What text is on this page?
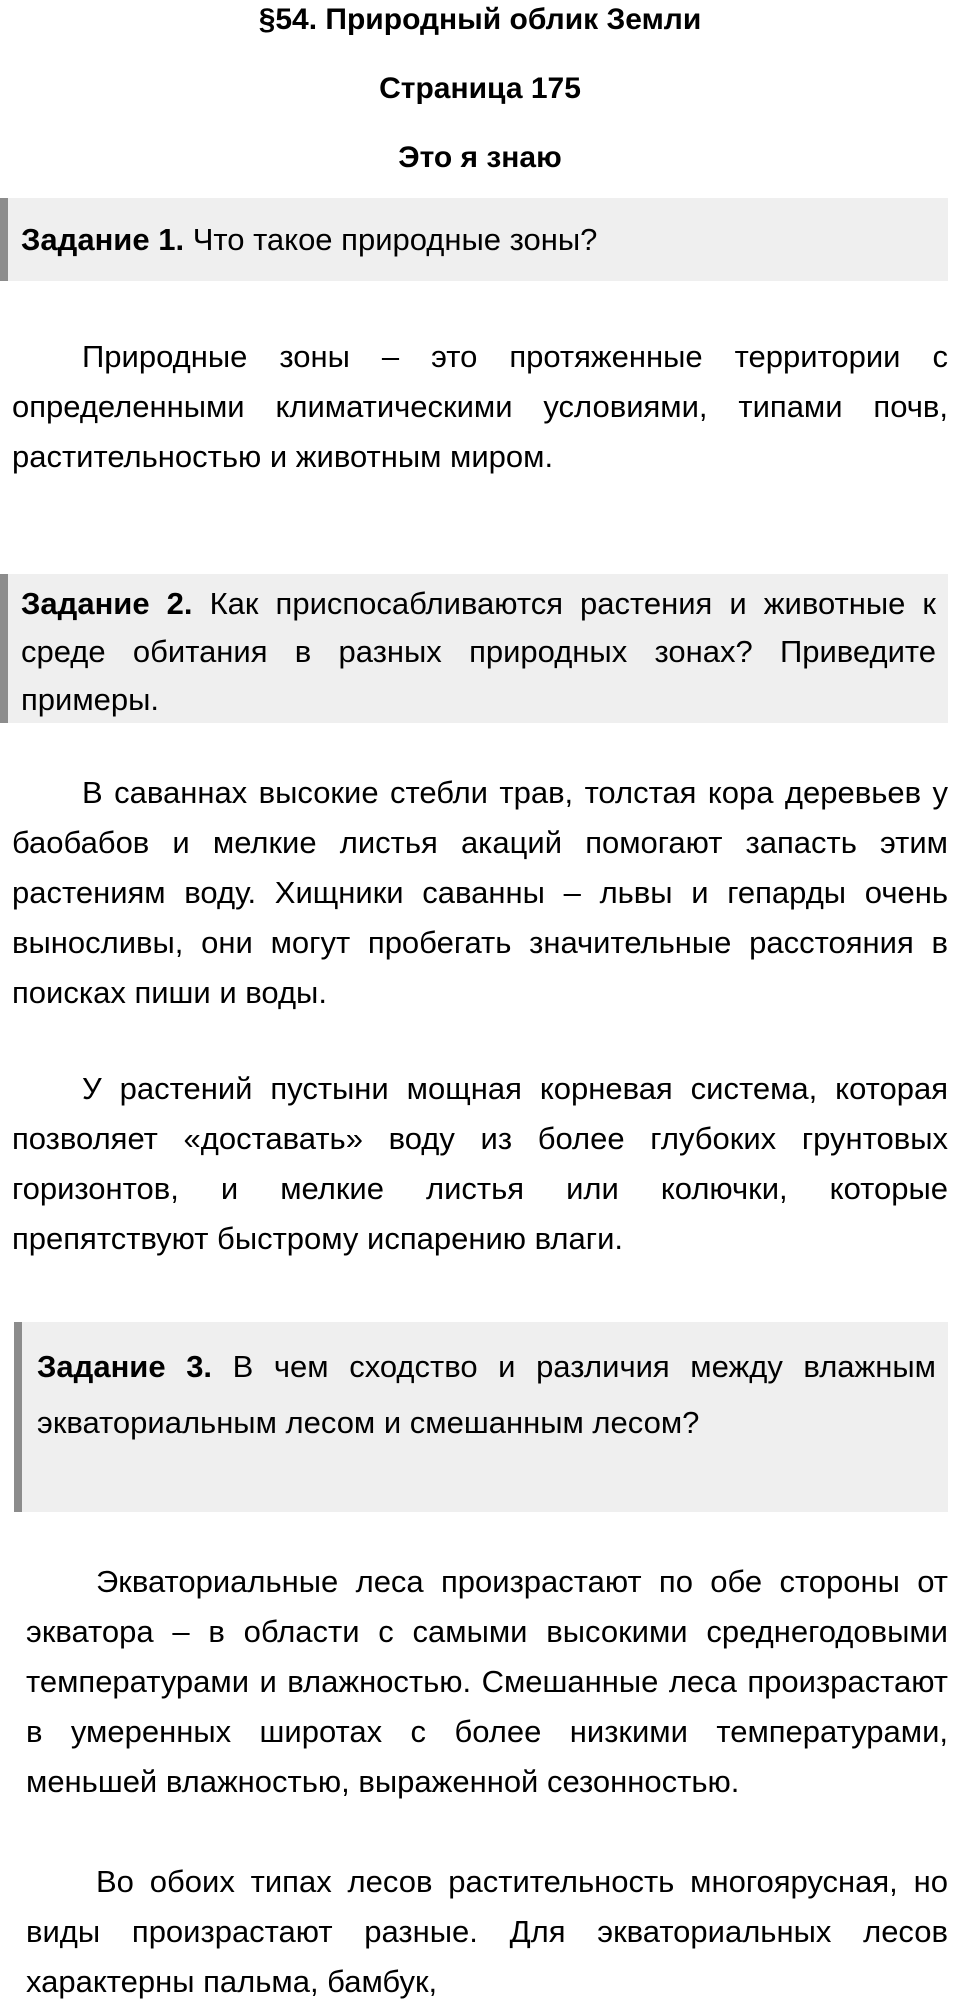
§54. Природный облик Земли
Страница 175
Это я знаю
Задание 1. Что такое природные зоны?

Природные зоны – это протяженные территории с определенными климатическими условиями, типами почв, растительностью и животным миром.

Задание 2. Как приспосабливаются растения и животные к среде обитания в разных природных зонах? Приведите примеры.

В саваннах высокие стебли трав, толстая кора деревьев у баобабов и мелкие листья акаций помогают запасть этим растениям воду. Хищники саванны – львы и гепарды очень выносливы, они могут пробегать значительные расстояния в поисках пиши и воды.

У растений пустыни мощная корневая система, которая позволяет «доставать» воду из более глубоких грунтовых горизонтов, и мелкие листья или колючки, которые препятствуют быстрому испарению влаги.

Задание 3. В чем сходство и различия между влажным экваториальным лесом и смешанным лесом?

Экваториальные леса произрастают по обе стороны от экватора – в области с самыми высокими среднегодовыми температурами и влажностью. Смешанные леса произрастают в умеренных широтах с более низкими температурами, меньшей влажностью, выраженной сезонностью.

Во обоих типах лесов растительность многоярусная, но виды произрастают разные. Для экваториальных лесов характерны пальма, бамбук,
